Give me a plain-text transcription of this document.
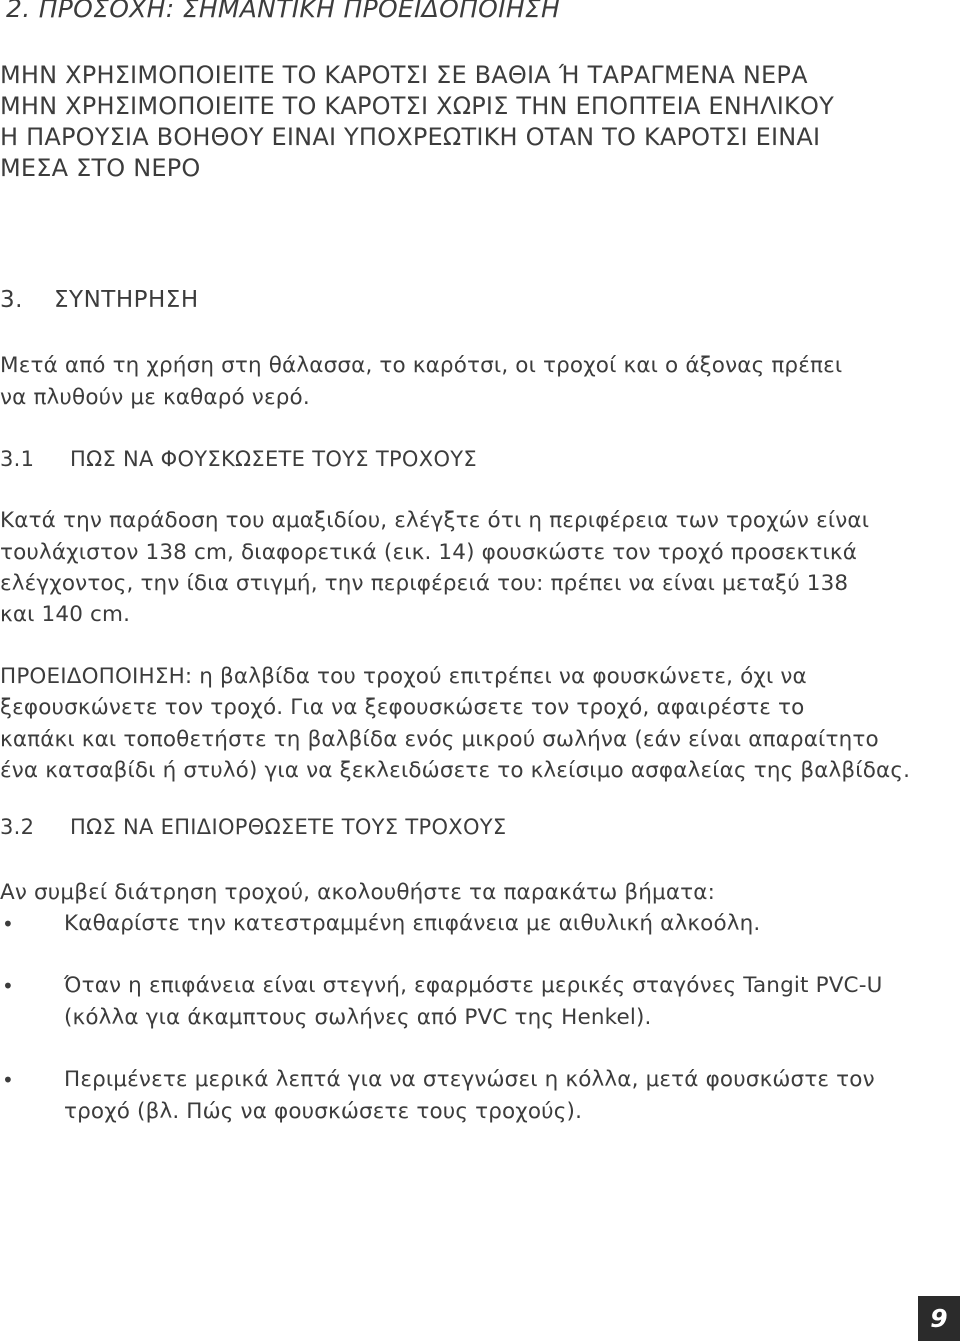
2. ΠΡΟΣΟΧΗ: ΣΗΜΑΝΤΙΚΗ ΠΡΟΕΙΔΟΠΟΙΗΣΗ
ΜΗΝ ΧΡΗΣΙΜΟΠΟΙΕΙΤΕ ΤΟ ΚΑΡΟΤΣΙ ΣΕ ΒΑΘΙΑ Ή ΤΑΡΑΓΜΕΝΑ ΝΕΡΑ
ΜΗΝ ΧΡΗΣΙΜΟΠΟΙΕΙΤΕ ΤΟ ΚΑΡΟΤΣΙ ΧΩΡΙΣ ΤΗΝ ΕΠΟΠΤΕΙΑ ΕΝΗΛΙΚΟΥ
Η ΠΑΡΟΥΣΙΑ ΒΟΗΘΟΥ ΕΙΝΑΙ ΥΠΟΧΡΕΩΤΙΚΗ ΟΤΑΝ ΤΟ ΚΑΡΟΤΣΙ ΕΙΝΑΙ
ΜΕΣΑ ΣΤΟ ΝΕΡΟ
3. ΣΥΝΤΗΡΗΣΗ
Μετά από τη χρήση στη θάλασσα, το καρότσι, οι τροχοί και ο άξονας πρέπει
να πλυθούν με καθαρό νερό.
3.1 ΠΩΣ ΝΑ ΦΟΥΣΚΩΣΕΤΕ ΤΟΥΣ ΤΡΟΧΟΥΣ
Κατά την παράδοση του αμαξιδίου, ελέγξτε ότι η περιφέρεια των τροχών είναι
τουλάχιστον 138 cm, διαφορετικά (εικ. 14) φουσκώστε τον τροχό προσεκτικά
ελέγχοντος, την ίδια στιγμή, την περιφέρειά του: πρέπει να είναι μεταξύ 138
και 140 cm.
ΠΡΟΕΙΔΟΠΟΙΗΣΗ: η βαλβίδα του τροχού επιτρέπει να φουσκώνετε, όχι να
ξεφουσκώνετε τον τροχό. Για να ξεφουσκώσετε τον τροχό, αφαιρέστε το
καπάκι και τοποθετήστε τη βαλβίδα ενός μικρού σωλήνα (εάν είναι απαραίτητο
ένα κατσαβίδι ή στυλό) για να ξεκλειδώσετε το κλείσιμο ασφαλείας της βαλβίδας.
3.2 ΠΩΣ ΝΑ ΕΠΙΔΙΟΡΘΩΣΕΤΕ ΤΟΥΣ ΤΡΟΧΟΥΣ
Αν συμβεί διάτρηση τροχού, ακολουθήστε τα παρακάτω βήματα:
• Καθαρίστε την κατεστραμμένη επιφάνεια με αιθυλική αλκοόλη.
• Όταν η επιφάνεια είναι στεγνή, εφαρμόστε μερικές σταγόνες Tangit PVC-U
(κόλλα για άκαμπτους σωλήνες από PVC της Henkel).
• Περιμένετε μερικά λεπτά για να στεγνώσει η κόλλα, μετά φουσκώστε τον
τροχό (βλ. Πώς να φουσκώσετε τους τροχούς).
9
